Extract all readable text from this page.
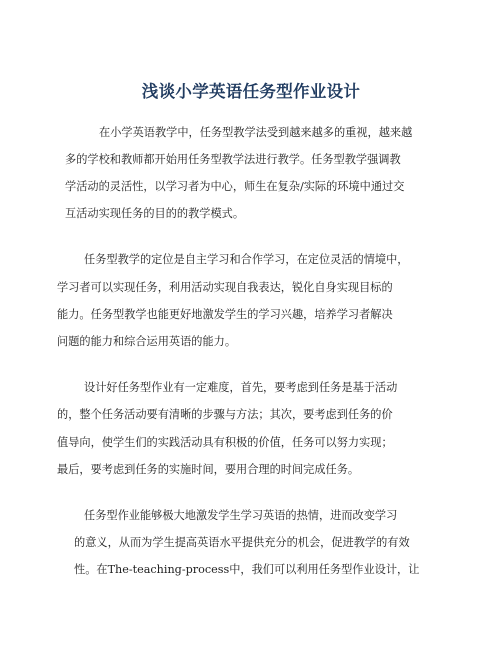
浅谈小学英语任务型作业设计
在小学英语教学中，任务型教学法受到越来越多的重视，越来越
多的学校和教师都开始用任务型教学法进行教学。任务型教学强调教
学活动的灵活性，以学习者为中心，师生在复杂/实际的环境中通过交
互活动实现任务的目的的教学模式。
任务型教学的定位是自主学习和合作学习，在定位灵活的情境中，
学习者可以实现任务，利用活动实现自我表达，锐化自身实现目标的
能力。任务型教学也能更好地激发学生的学习兴趣，培养学习者解决
问题的能力和综合运用英语的能力。
设计好任务型作业有一定难度，首先，要考虑到任务是基于活动
的，整个任务活动要有清晰的步骤与方法；其次，要考虑到任务的价
值导向，使学生们的实践活动具有积极的价值，任务可以努力实现；
最后，要考虑到任务的实施时间，要用合理的时间完成任务。
任务型作业能够极大地激发学生学习英语的热情，进而改变学习
的意义，从而为学生提高英语水平提供充分的机会，促进教学的有效
性。在The-teaching-process中，我们可以利用任务型作业设计，让
